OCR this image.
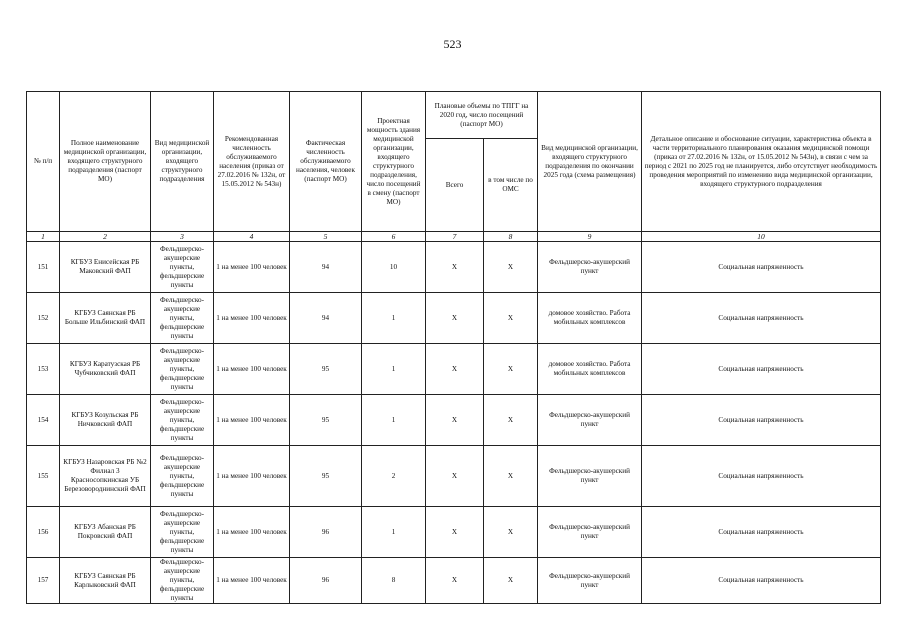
523
№ п/п	Полное наименование медицинской организации, входящего структурного подразделения (паспорт МО)	Вид медицинской организации, входящего структурного подразделения	Рекомендованная численность обслуживаемого населения (приказ от 27.02.2016 № 132н, от 15.05.2012 № 543н)	Фактическая численность обслуживаемого населения, человек (паспорт МО)	Проектная мощность здания медицинской организации, входящего структурного подразделения, число посещений в смену (паспорт МО)	Плановые объемы по ТПГГ на 2020 год, число посещений (паспорт МО)		Вид медицинской организации, входящего структурного подразделения по окончании 2025 года (схема размещения)	Детальное описание и обоснование ситуации, характеристика объекта в части территориального планирования оказания медицинской помощи (приказ от 27.02.2016 № 132н, от 15.05.2012 № 543н), в связи с чем за период с 2021 по 2025 год не планируется, либо отсутствует необходимость проведения мероприятий по изменению вида медицинской организации, входящего структурного подразделения
						Всего	в том числе по ОМС		
1	2	3	4	5	6	7	8	9	10
151	КГБУЗ Енисейская РБ Маковский ФАП	Фельдшерско-акушерские пункты, фельдшерские пункты	1 на менее 100 человек	94	10	X	X	Фельдшерско-акушерский пункт	Социальная напряженность
152	КГБУЗ Саянская РБ Больше Ильбинский ФАП	Фельдшерско-акушерские пункты, фельдшерские пункты	1 на менее 100 человек	94	1	X	X	домовое хозяйство. Работа мобильных комплексов	Социальная напряженность
153	КГБУЗ Каратузская РБ Чубчиковский ФАП	Фельдшерско-акушерские пункты, фельдшерские пункты	1 на менее 100 человек	95	1	X	X	домовое хозяйство. Работа мобильных комплексов	Социальная напряженность
154	КГБУЗ Козульская РБ Ничковский ФАП	Фельдшерско-акушерские пункты, фельдшерские пункты	1 на менее 100 человек	95	1	X	X	Фельдшерско-акушерский пункт	Социальная напряженность
155	КГБУЗ Назаровская РБ №2 Филиал 3 Красносопкинская УБ Березовороднинский ФАП	Фельдшерско-акушерские пункты, фельдшерские пункты	1 на менее 100 человек	95	2	X	X	Фельдшерско-акушерский пункт	Социальная напряженность
156	КГБУЗ Абанская РБ Покровский ФАП	Фельдшерско-акушерские пункты, фельдшерские пункты	1 на менее 100 человек	96	1	X	X	Фельдшерско-акушерский пункт	Социальная напряженность
157	КГБУЗ Саянская РБ Карлыковский ФАП	Фельдшерско-акушерские пункты, фельдшерские пункты	1 на менее 100 человек	96	8	X	X	Фельдшерско-акушерский пункт	Социальная напряженность
